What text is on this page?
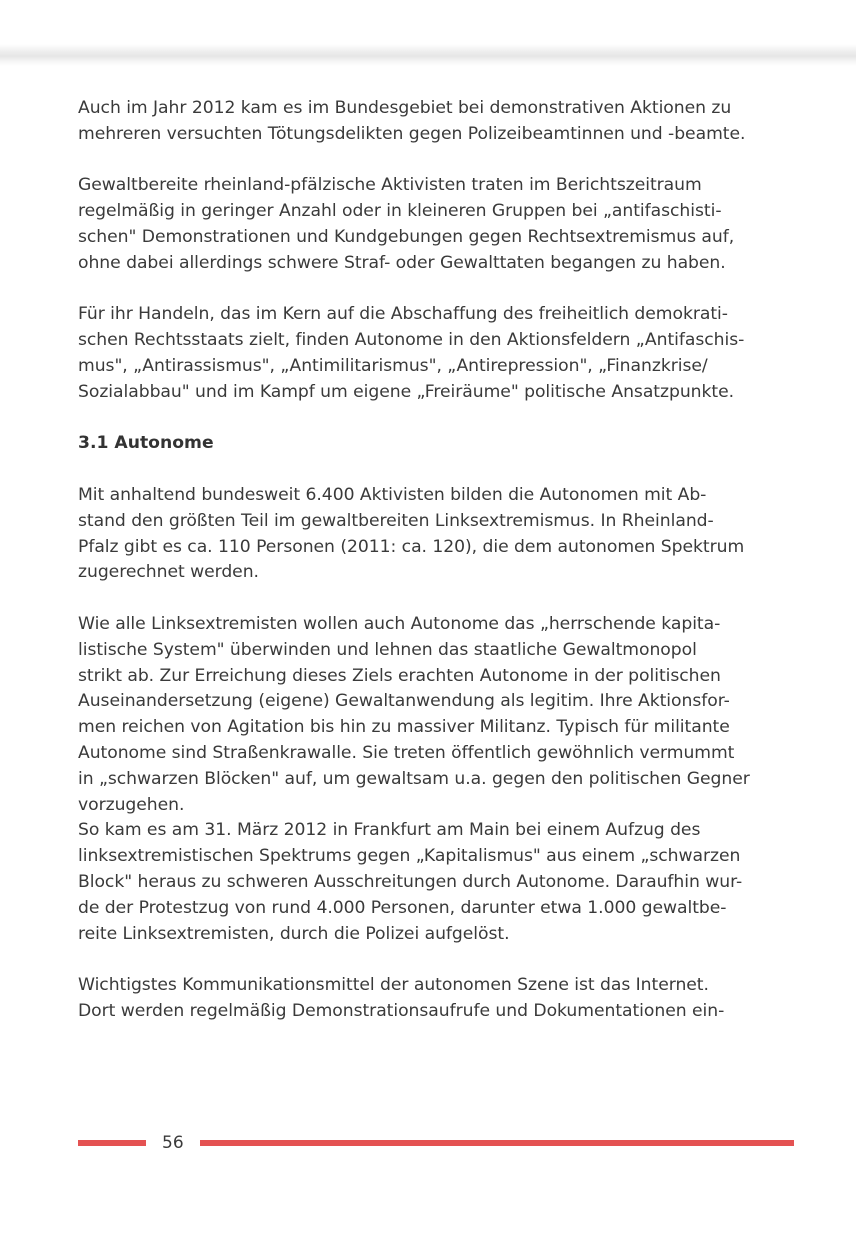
Auch im Jahr 2012 kam es im Bundesgebiet bei demonstrativen Aktionen zu
mehreren versuchten Tötungsdelikten gegen Polizeibeamtinnen und -beamte.

Gewaltbereite rheinland-pfälzische Aktivisten traten im Berichtszeitraum
regelmäßig in geringer Anzahl oder in kleineren Gruppen bei „antifaschisti-
schen" Demonstrationen und Kundgebungen gegen Rechtsextremismus auf,
ohne dabei allerdings schwere Straf- oder Gewalttaten begangen zu haben.

Für ihr Handeln, das im Kern auf die Abschaffung des freiheitlich demokrati-
schen Rechtsstaats zielt, finden Autonome in den Aktionsfeldern „Antifaschis-
mus", „Antirassismus", „Antimilitarismus", „Antirepression", „Finanzkrise/
Sozialabbau" und im Kampf um eigene „Freiräume" politische Ansatzpunkte.

3.1 Autonome

Mit anhaltend bundesweit 6.400 Aktivisten bilden die Autonomen mit Ab-
stand den größten Teil im gewaltbereiten Linksextremismus. In Rheinland-
Pfalz gibt es ca. 110 Personen (2011: ca. 120), die dem autonomen Spektrum
zugerechnet werden.

Wie alle Linksextremisten wollen auch Autonome das „herrschende kapita-
listische System" überwinden und lehnen das staatliche Gewaltmonopol
strikt ab. Zur Erreichung dieses Ziels erachten Autonome in der politischen
Auseinandersetzung (eigene) Gewaltanwendung als legitim. Ihre Aktionsfor-
men reichen von Agitation bis hin zu massiver Militanz. Typisch für militante
Autonome sind Straßenkrawalle. Sie treten öffentlich gewöhnlich vermummt
in „schwarzen Blöcken" auf, um gewaltsam u.a. gegen den politischen Gegner
vorzugehen.
So kam es am 31. März 2012 in Frankfurt am Main bei einem Aufzug des
linksextremistischen Spektrums gegen „Kapitalismus" aus einem „schwarzen
Block" heraus zu schweren Ausschreitungen durch Autonome. Daraufhin wur-
de der Protestzug von rund 4.000 Personen, darunter etwa 1.000 gewaltbe-
reite Linksextremisten, durch die Polizei aufgelöst.

Wichtigstes Kommunikationsmittel der autonomen Szene ist das Internet.
Dort werden regelmäßig Demonstrationsaufrufe und Dokumentationen ein-

56
